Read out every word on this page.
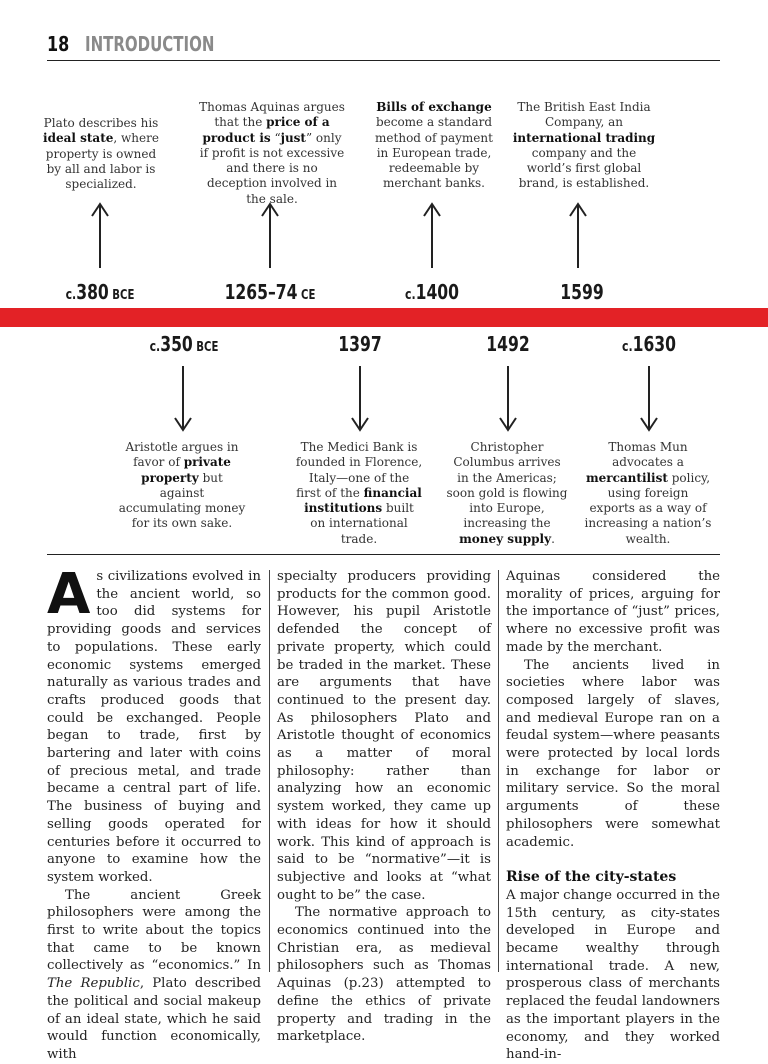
18 INTRODUCTION
Plato describes his ideal state, where property is owned by all and labor is specialized.
Thomas Aquinas argues that the price of a product is “just” only if profit is not excessive and there is no deception involved in the sale.
Bills of exchange become a standard method of payment in European trade, redeemable by merchant banks.
The British East India Company, an international trading company and the world’s first global brand, is established.
c.380 BCE	1265–74 CE	c.1400	1599
c.350 BCE	1397	1492	c.1630
Aristotle argues in favor of private property but against accumulating money for its own sake.
The Medici Bank is founded in Florence, Italy—one of the first of the financial institutions built on international trade.
Christopher Columbus arrives in the Americas; soon gold is flowing into Europe, increasing the money supply.
Thomas Mun advocates a mercantilist policy, using foreign exports as a way of increasing a nation’s wealth.

As civilizations evolved in the ancient world, so too did systems for providing goods and services to populations. These early economic systems emerged naturally as various trades and crafts produced goods that could be exchanged. People began to trade, first by bartering and later with coins of precious metal, and trade became a central part of life. The business of buying and selling goods operated for centuries before it occurred to anyone to examine how the system worked.

The ancient Greek philosophers were among the first to write about the topics that came to be known collectively as “economics.” In The Republic, Plato described the political and social makeup of an ideal state, which he said would function economically, with

specialty producers providing products for the common good. However, his pupil Aristotle defended the concept of private property, which could be traded in the market. These are arguments that have continued to the present day. As philosophers Plato and Aristotle thought of economics as a matter of moral philosophy: rather than analyzing how an economic system worked, they came up with ideas for how it should work. This kind of approach is said to be “normative”—it is subjective and looks at “what ought to be” the case.

The normative approach to economics continued into the Christian era, as medieval philosophers such as Thomas Aquinas (p.23) attempted to define the ethics of private property and trading in the marketplace.

Aquinas considered the morality of prices, arguing for the importance of “just” prices, where no excessive profit was made by the merchant.

The ancients lived in societies where labor was composed largely of slaves, and medieval Europe ran on a feudal system—where peasants were protected by local lords in exchange for labor or military service. So the moral arguments of these philosophers were somewhat academic.

Rise of the city-states

A major change occurred in the 15th century, as city-states developed in Europe and became wealthy through international trade. A new, prosperous class of merchants replaced the feudal landowners as the important players in the economy, and they worked hand-in-
